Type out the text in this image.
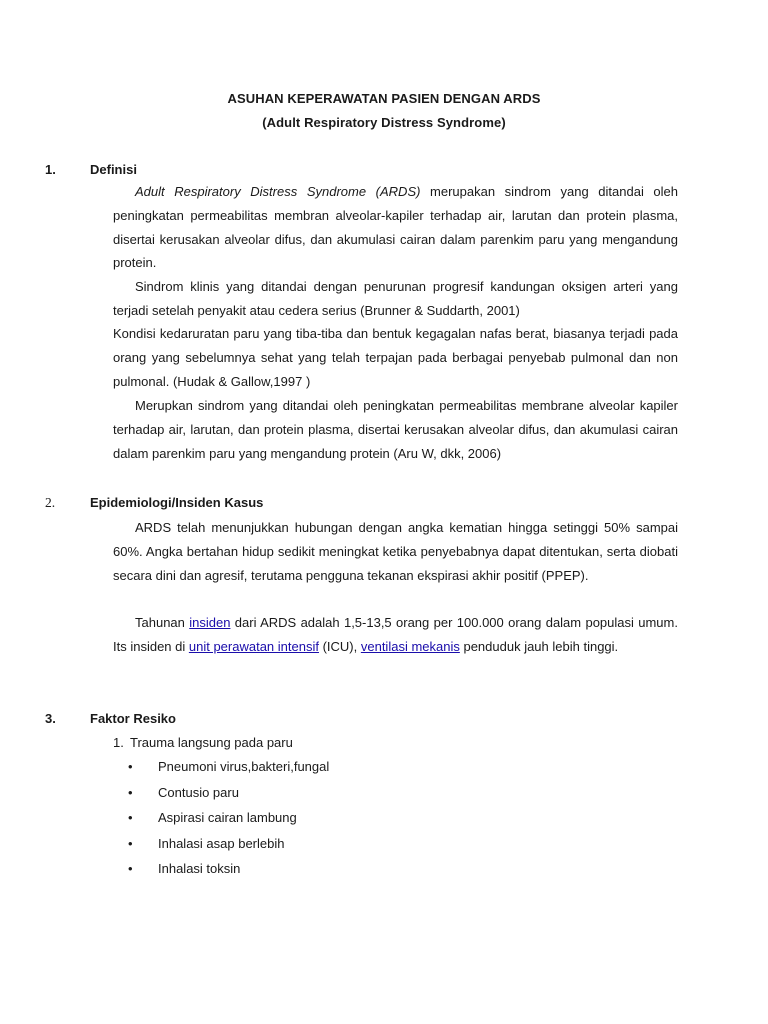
ASUHAN KEPERAWATAN PASIEN DENGAN ARDS
(Adult Respiratory Distress Syndrome)
1.	Definisi
Adult Respiratory Distress Syndrome (ARDS) merupakan sindrom yang ditandai oleh peningkatan permeabilitas membran alveolar-kapiler terhadap air, larutan dan protein plasma, disertai kerusakan alveolar difus, dan akumulasi cairan dalam parenkim paru yang mengandung protein.
Sindrom klinis yang ditandai dengan penurunan progresif kandungan oksigen arteri yang terjadi setelah penyakit atau cedera serius (Brunner & Suddarth, 2001)
Kondisi kedaruratan paru yang tiba-tiba dan bentuk kegagalan nafas berat, biasanya terjadi pada orang yang sebelumnya sehat yang telah terpajan pada berbagai penyebab pulmonal dan non pulmonal. (Hudak & Gallow,1997 )
Merupkan sindrom yang ditandai oleh peningkatan permeabilitas membrane alveolar kapiler terhadap air, larutan, dan protein plasma, disertai kerusakan alveolar difus, dan akumulasi cairan dalam parenkim paru yang mengandung protein (Aru W, dkk, 2006)
2.	Epidemiologi/Insiden Kasus
ARDS telah menunjukkan hubungan dengan angka kematian hingga setinggi 50% sampai 60%. Angka bertahan hidup sedikit meningkat ketika penyebabnya dapat ditentukan, serta diobati secara dini dan agresif, terutama pengguna tekanan ekspirasi akhir positif (PPEP).
Tahunan insiden dari ARDS adalah 1,5-13,5 orang per 100.000 orang dalam populasi umum. Its insiden di unit perawatan intensif (ICU), ventilasi mekanis penduduk jauh lebih tinggi.
3.	Faktor Resiko
1. Trauma langsung pada paru
• Pneumoni virus,bakteri,fungal
• Contusio paru
• Aspirasi cairan lambung
• Inhalasi asap berlebih
• Inhalasi toksin
